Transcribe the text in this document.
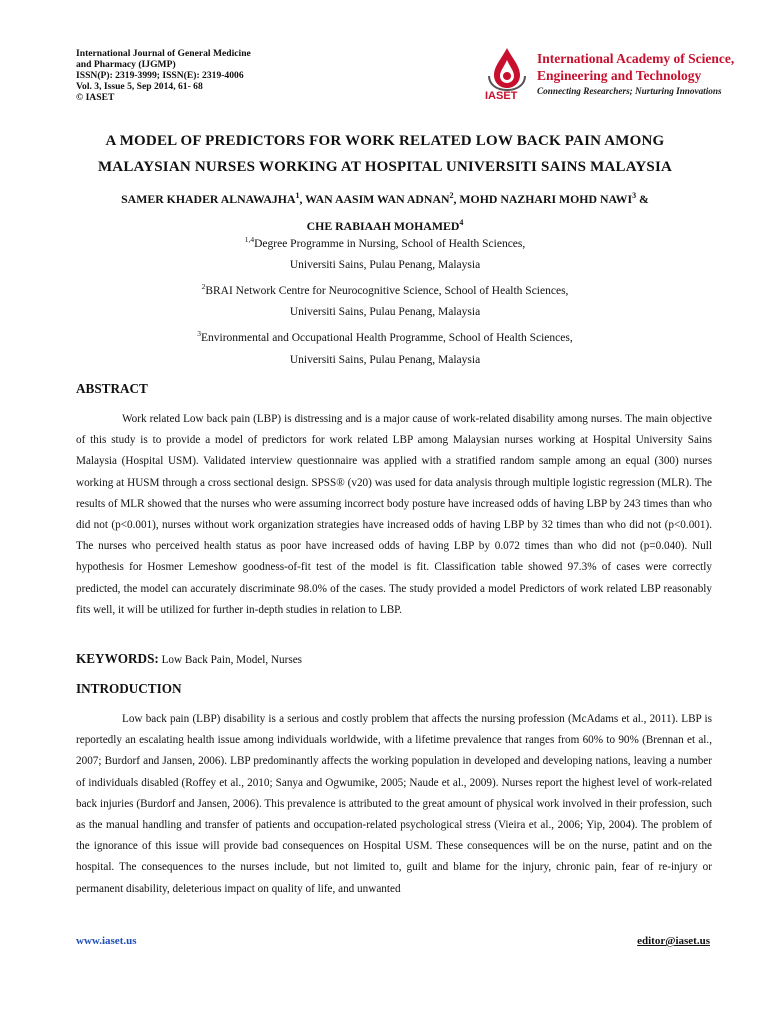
International Journal of General Medicine
and Pharmacy (IJGMP)
ISSN(P): 2319-3999; ISSN(E): 2319-4006
Vol. 3, Issue 5, Sep 2014, 61- 68
© IASET	IASET
International Academy of Science,
Engineering and Technology
Connecting Researchers; Nurturing Innovations
A MODEL OF PREDICTORS FOR WORK RELATED LOW BACK PAIN AMONG
MALAYSIAN NURSES WORKING AT HOSPITAL UNIVERSITI SAINS MALAYSIA
SAMER KHADER ALNAWAJHA$^1$, WAN AASIM WAN ADNAN$^2$, MOHD NAZHARI MOHD NAWI$^3$ &
CHE RABIAAH MOHAMED$^4$
$^{1,4}$Degree Programme in Nursing, School of Health Sciences,
Universiti Sains, Pulau Penang, Malaysia
$^2$BRAI Network Centre for Neurocognitive Science, School of Health Sciences,
Universiti Sains, Pulau Penang, Malaysia
$^3$Environmental and Occupational Health Programme, School of Health Sciences,
Universiti Sains, Pulau Penang, Malaysia
ABSTRACT

Work related Low back pain (LBP) is distressing and is a major cause of work-related disability among nurses. The main objective of this study is to provide a model of predictors for work related LBP among Malaysian nurses working at Hospital University Sains Malaysia (Hospital USM). Validated interview questionnaire was applied with a stratified random sample among an equal (300) nurses working at HUSM through a cross sectional design. SPSS® (v20) was used for data analysis through multiple logistic regression (MLR). The results of MLR showed that the nurses who were assuming incorrect body posture have increased odds of having LBP by 243 times than who did not (p<0.001), nurses without work organization strategies have increased odds of having LBP by 32 times than who did not (p<0.001). The nurses who perceived health status as poor have increased odds of having LBP by 0.072 times than who did not (p=0.040). Null hypothesis for Hosmer Lemeshow goodness-of-fit test of the model is fit. Classification table showed 97.3% of cases were correctly predicted, the model can accurately discriminate 98.0% of the cases. The study provided a model Predictors of work related LBP reasonably fits well, it will be utilized for further in-depth studies in relation to LBP.

KEYWORDS: Low Back Pain, Model, Nurses
INTRODUCTION

Low back pain (LBP) disability is a serious and costly problem that affects the nursing profession (McAdams et al., 2011). LBP is reportedly an escalating health issue among individuals worldwide, with a lifetime prevalence that ranges from 60% to 90% (Brennan et al., 2007; Burdorf and Jansen, 2006). LBP predominantly affects the working population in developed and developing nations, leaving a number of individuals disabled (Roffey et al., 2010; Sanya and Ogwumike, 2005; Naude et al., 2009). Nurses report the highest level of work-related back injuries (Burdorf and Jansen, 2006). This prevalence is attributed to the great amount of physical work involved in their profession, such as the manual handling and transfer of patients and occupation-related psychological stress (Vieira et al., 2006; Yip, 2004). The problem of the ignorance of this issue will provide bad consequences on Hospital USM. These consequences will be on the nurse, patint and on the hospital. The consequences to the nurses include, but not limited to, guilt and blame for the injury, chronic pain, fear of re-injury or permanent disability, deleterious impact on quality of life, and unwanted

www.iaset.us	editor@iaset.us
